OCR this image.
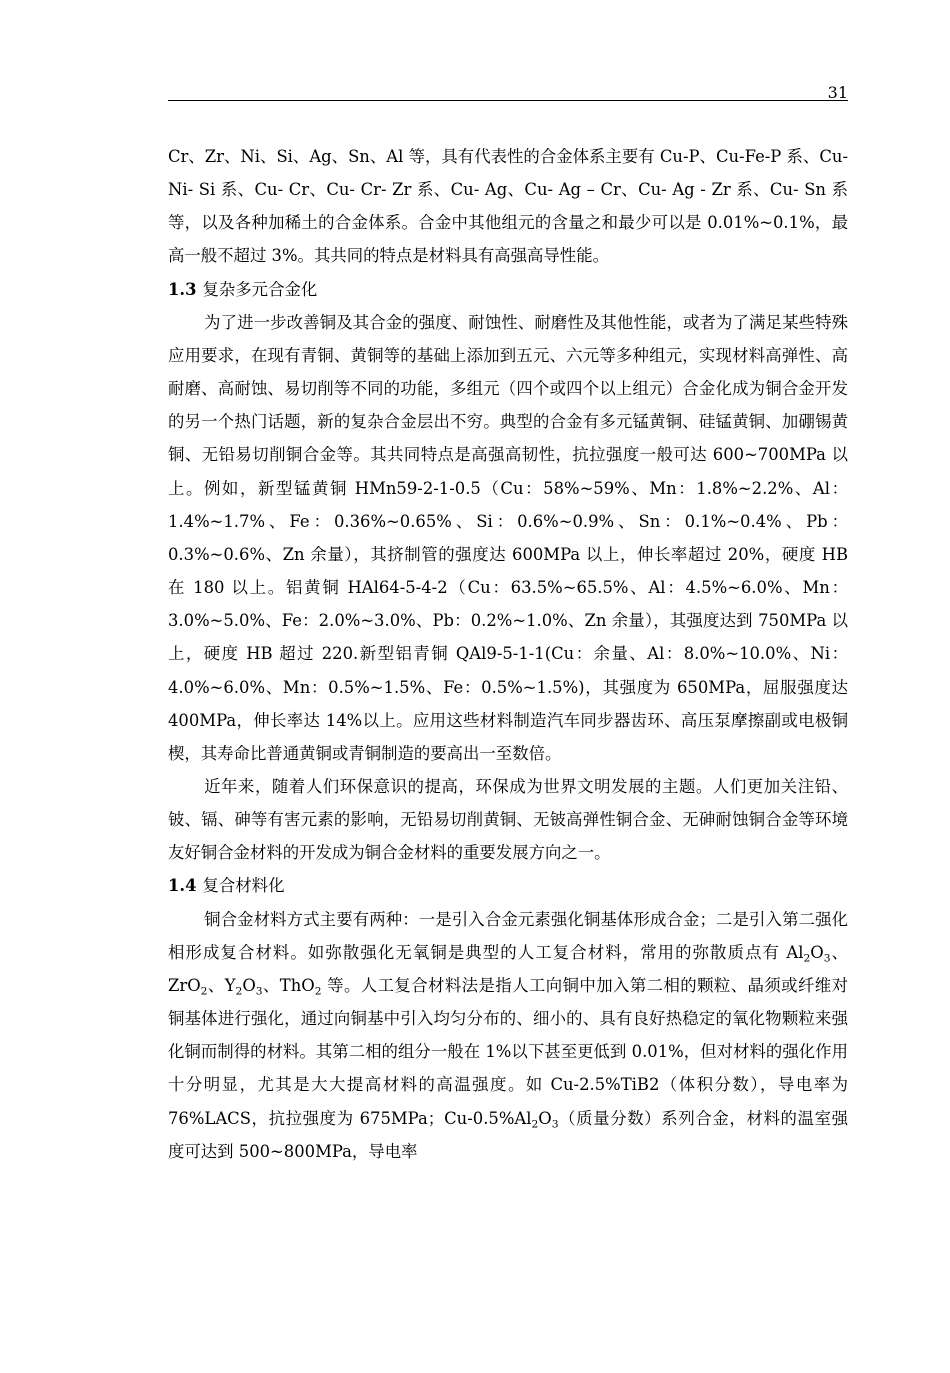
31

Cr、Zr、Ni、Si、Ag、Sn、Al 等，具有代表性的合金体系主要有 Cu-P、Cu-Fe-P 系、Cu- Ni- Si 系、Cu- Cr、Cu- Cr- Zr 系、Cu- Ag、Cu- Ag – Cr、Cu- Ag - Zr 系、Cu- Sn 系等，以及各种加稀土的合金体系。合金中其他组元的含量之和最少可以是 0.01%~0.1%，最高一般不超过 3%。其共同的特点是材料具有高强高导性能。

1.3 复杂多元合金化

为了进一步改善铜及其合金的强度、耐蚀性、耐磨性及其他性能，或者为了满足某些特殊应用要求，在现有青铜、黄铜等的基础上添加到五元、六元等多种组元，实现材料高弹性、高耐磨、高耐蚀、易切削等不同的功能，多组元（四个或四个以上组元）合金化成为铜合金开发的另一个热门话题，新的复杂合金层出不穷。典型的合金有多元锰黄铜、硅锰黄铜、加硼锡黄铜、无铅易切削铜合金等。其共同特点是高强高韧性，抗拉强度一般可达 600~700MPa 以上。例如，新型锰黄铜 HMn59-2-1-0.5（Cu：58%~59%、Mn：1.8%~2.2%、Al：1.4%~1.7%、Fe：0.36%~0.65%、Si：0.6%~0.9%、Sn：0.1%~0.4%、Pb：0.3%~0.6%、Zn 余量），其挤制管的强度达 600MPa 以上，伸长率超过 20%，硬度 HB 在 180 以上。铝黄铜 HAl64-5-4-2（Cu：63.5%~65.5%、Al：4.5%~6.0%、Mn：3.0%~5.0%、Fe：2.0%~3.0%、Pb：0.2%~1.0%、Zn 余量），其强度达到 750MPa 以上，硬度 HB 超过 220.新型铝青铜 QAl9-5-1-1(Cu：余量、Al：8.0%~10.0%、Ni：4.0%~6.0%、Mn：0.5%~1.5%、Fe：0.5%~1.5%)，其强度为 650MPa，屈服强度达 400MPa，伸长率达 14%以上。应用这些材料制造汽车同步器齿环、高压泵摩擦副或电极铜楔，其寿命比普通黄铜或青铜制造的要高出一至数倍。

近年来，随着人们环保意识的提高，环保成为世界文明发展的主题。人们更加关注铅、铍、镉、砷等有害元素的影响，无铅易切削黄铜、无铍高弹性铜合金、无砷耐蚀铜合金等环境友好铜合金材料的开发成为铜合金材料的重要发展方向之一。

1.4 复合材料化

铜合金材料方式主要有两种：一是引入合金元素强化铜基体形成合金；二是引入第二强化相形成复合材料。如弥散强化无氧铜是典型的人工复合材料，常用的弥散质点有 $Al_2O_3$、ZrO$_2$、$Y_2O_3$、ThO$_2$ 等。人工复合材料法是指人工向铜中加入第二相的颗粒、晶须或纤维对铜基体进行强化，通过向铜基中引入均匀分布的、细小的、具有良好热稳定的氧化物颗粒来强化铜而制得的材料。其第二相的组分一般在 1%以下甚至更低到 0.01%，但对材料的强化作用十分明显，尤其是大大提高材料的高温强度。如 Cu-2.5%TiB2（体积分数），导电率为 76%LACS，抗拉强度为 675MPa；$Cu-0.5\%Al_2O_3$（质量分数）系列合金，材料的温室强度可达到 500~800MPa，导电率
